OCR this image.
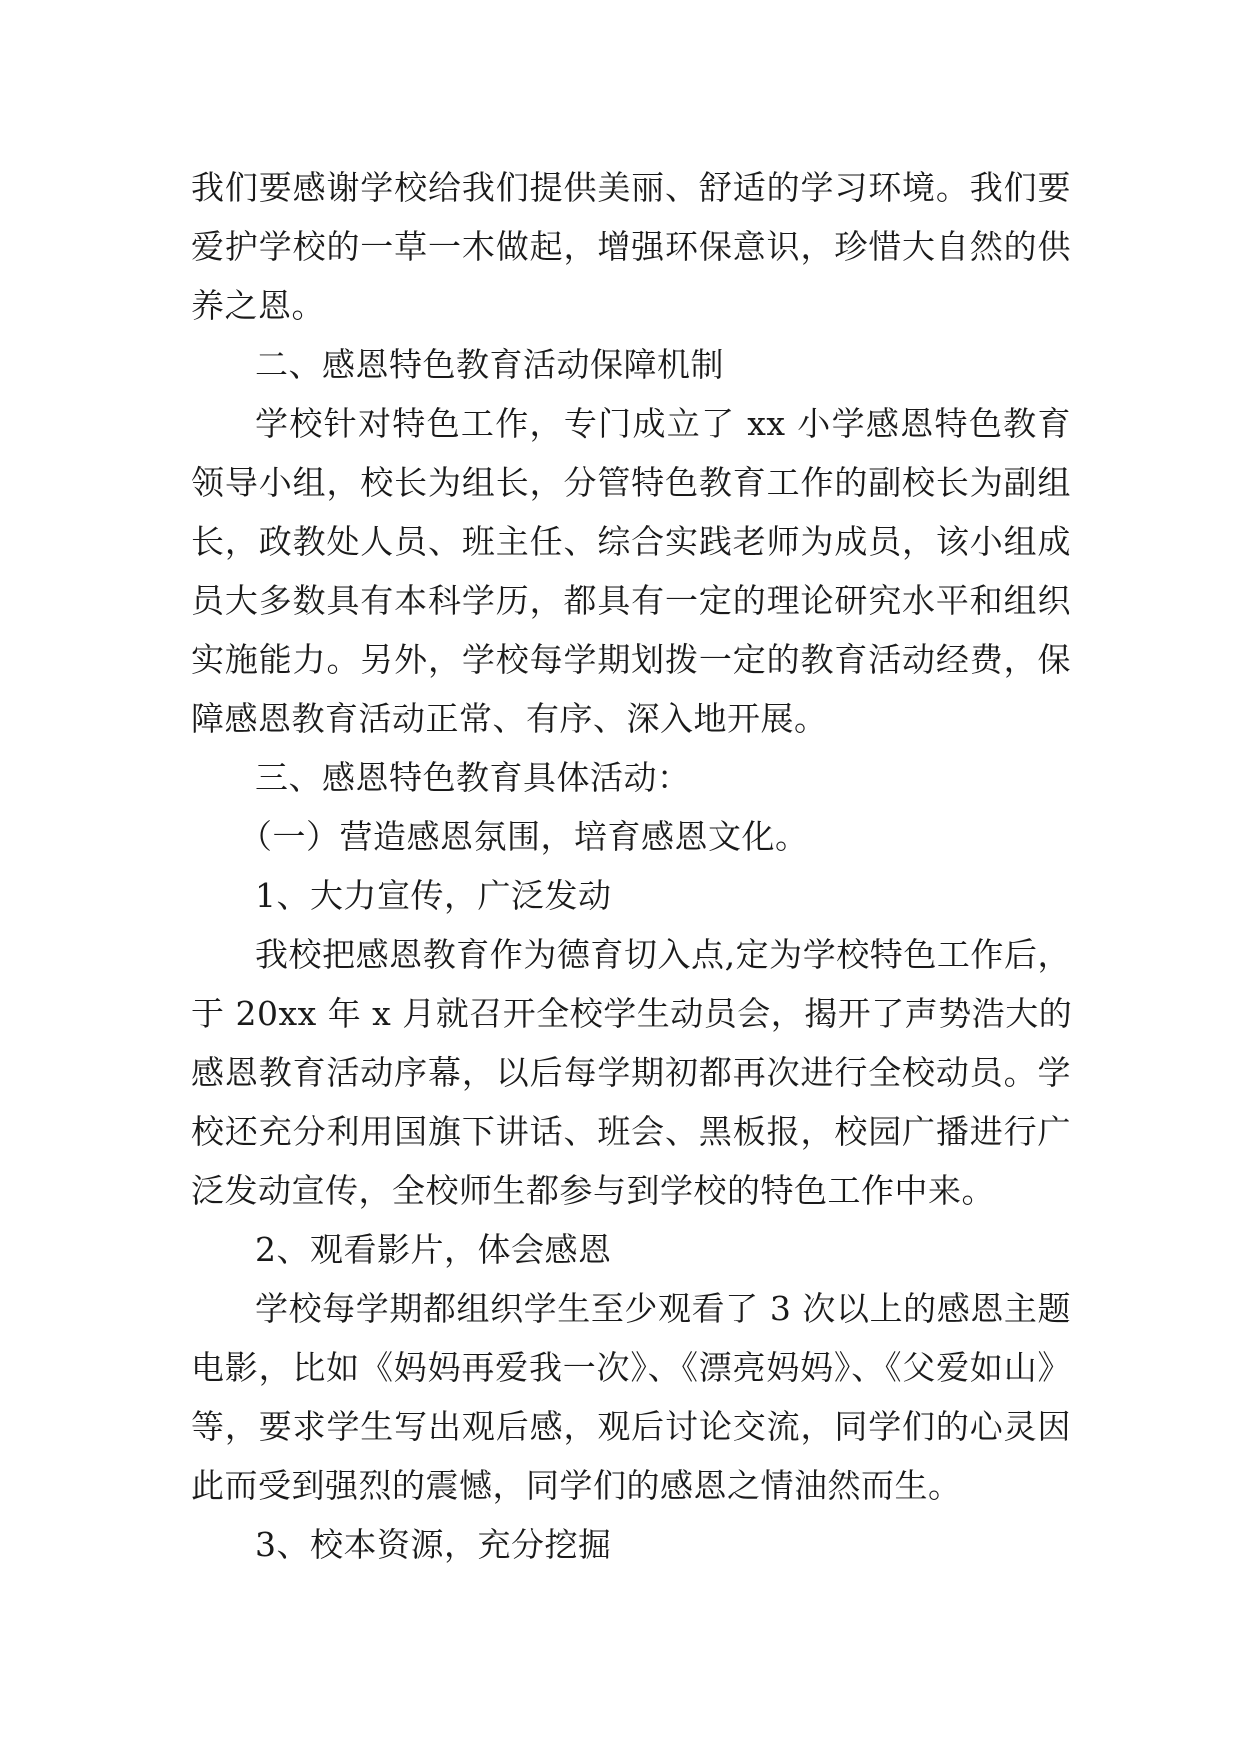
我们要感谢学校给我们提供美丽、舒适的学习环境。我们要
爱护学校的一草一木做起，增强环保意识，珍惜大自然的供
养之恩。
二、感恩特色教育活动保障机制
学校针对特色工作，专门成立了 xx 小学感恩特色教育
领导小组，校长为组长，分管特色教育工作的副校长为副组
长，政教处人员、班主任、综合实践老师为成员，该小组成
员大多数具有本科学历，都具有一定的理论研究水平和组织
实施能力。另外，学校每学期划拨一定的教育活动经费，保
障感恩教育活动正常、有序、深入地开展。
三、感恩特色教育具体活动：
（一）营造感恩氛围，培育感恩文化。
1、大力宣传，广泛发动
我校把感恩教育作为德育切入点,定为学校特色工作后，
于 20xx 年 x 月就召开全校学生动员会，揭开了声势浩大的
感恩教育活动序幕，以后每学期初都再次进行全校动员。学
校还充分利用国旗下讲话、班会、黑板报，校园广播进行广
泛发动宣传，全校师生都参与到学校的特色工作中来。
2、观看影片，体会感恩
学校每学期都组织学生至少观看了 3 次以上的感恩主题
电影，比如《妈妈再爱我一次》、《漂亮妈妈》、《父爱如山》
等，要求学生写出观后感，观后讨论交流，同学们的心灵因
此而受到强烈的震憾，同学们的感恩之情油然而生。
3、校本资源，充分挖掘
